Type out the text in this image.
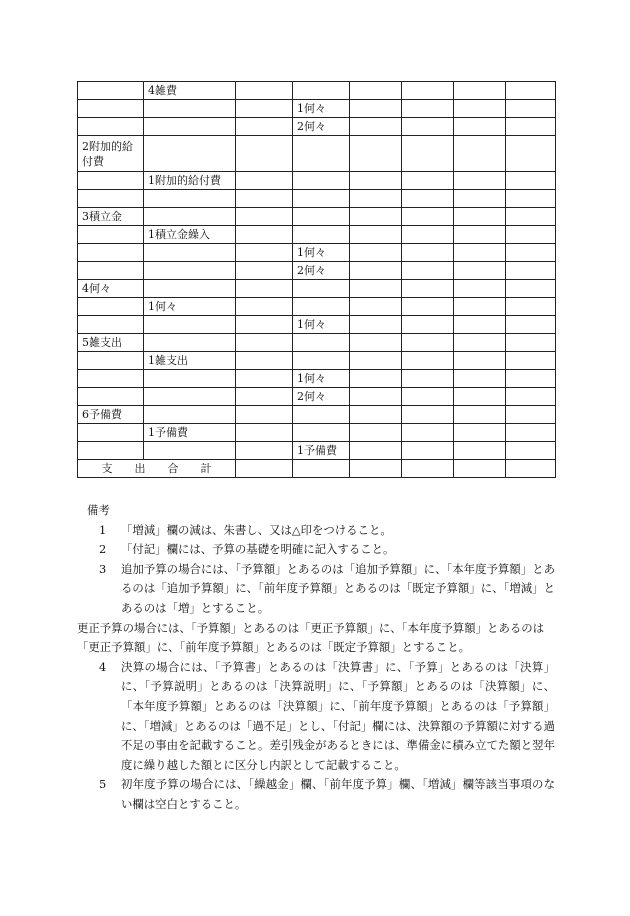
	4雑費						
			1何々				
			2何々				
2附加的給付費							
	1附加的給付費						

3積立金							
	1積立金繰入						
			1何々				
			2何々				
4何々							
	1何々						
			1何々				
5雑支出							
	1雑支出						
			1何々				
			2何々				
6予備費							
	1予備費						
			1予備費				
支　　出　　合　　計							
備考
1	「増減」欄の減は、朱書し、又は△印をつけること。
2	「付記」欄には、予算の基礎を明確に記入すること。
3	追加予算の場合には、「予算額」とあるのは「追加予算額」に、「本年度予算額」とあるのは「追加予算額」に、「前年度予算額」とあるのは「既定予算額」に、「増減」とあるのは「増」とすること。
更正予算の場合には、「予算額」とあるのは「更正予算額」に、「本年度予算額」とあるのは「更正予算額」に、「前年度予算額」とあるのは「既定予算額」とすること。
4	決算の場合には、「予算書」とあるのは「決算書」に、「予算」とあるのは「決算」に、「予算説明」とあるのは「決算説明」に、「予算額」とあるのは「決算額」に、「本年度予算額」とあるのは「決算額」に、「前年度予算額」とあるのは「予算額」に、「増減」とあるのは「過不足」とし、「付記」欄には、決算額の予算額に対する過不足の事由を記載すること。差引残金があるときには、準備金に積み立てた額と翌年度に繰り越した額とに区分し内訳として記載すること。
5	初年度予算の場合には、「繰越金」欄、「前年度予算」欄、「増減」欄等該当事項のない欄は空白とすること。
